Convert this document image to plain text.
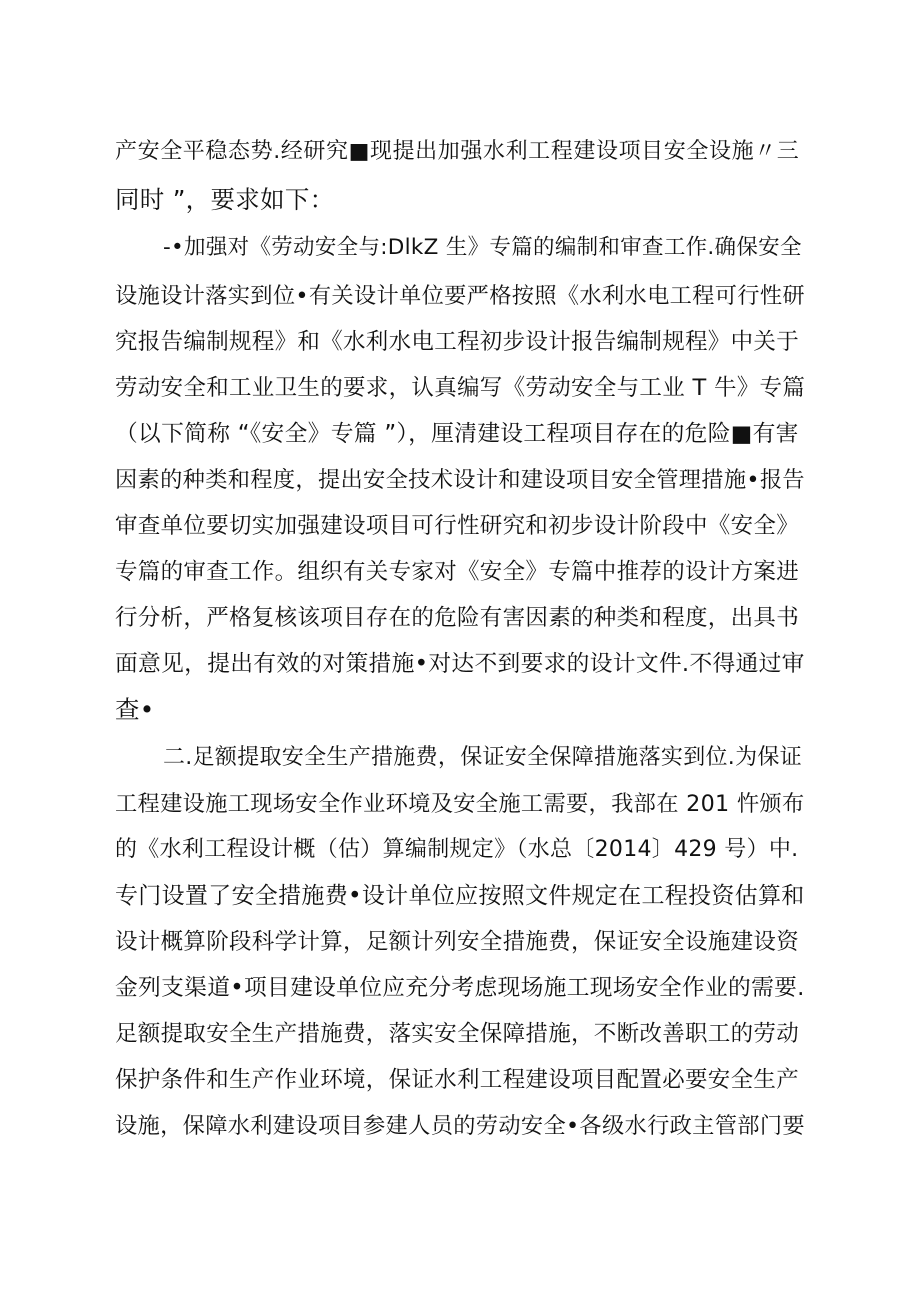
产安全平稳态势.经研究■现提出加强水利工程建设项目安全设施〃三
同时 ”，要求如下：
-•加强对《劳动安全与:DlkZ 生》专篇的编制和审查工作.确保安全
设施设计落实到位•有关设计单位要严格按照《水利水电工程可行性研
究报告编制规程》和《水利水电工程初步设计报告编制规程》中关于
劳动安全和工业卫生的要求，认真编写《劳动安全与工业 T 牛》专篇
（以下简称 “《安全》专篇 ”），厘清建设工程项目存在的危险■有害
因素的种类和程度，提出安全技术设计和建设项目安全管理措施•报告
审查单位要切实加强建设项目可行性研究和初步设计阶段中《安全》
专篇的审查工作。组织有关专家对《安全》专篇中推荐的设计方案进
行分析，严格复核该项目存在的危险有害因素的种类和程度，出具书
面意见，提出有效的对策措施•对达不到要求的设计文件.不得通过审
查•
二.足额提取安全生产措施费，保证安全保障措施落实到位.为保证
工程建设施工现场安全作业环境及安全施工需要，我部在 201 忤颁布
的《水利工程设计概（估）算编制规定》（水总〔2014〕429 号）中.
专门设置了安全措施费•设计单位应按照文件规定在工程投资估算和
设计概算阶段科学计算，足额计列安全措施费，保证安全设施建设资
金列支渠道•项目建设单位应充分考虑现场施工现场安全作业的需要.
足额提取安全生产措施费，落实安全保障措施，不断改善职工的劳动
保护条件和生产作业环境，保证水利工程建设项目配置必要安全生产
设施，保障水利建设项目参建人员的劳动安全•各级水行政主管部门要
